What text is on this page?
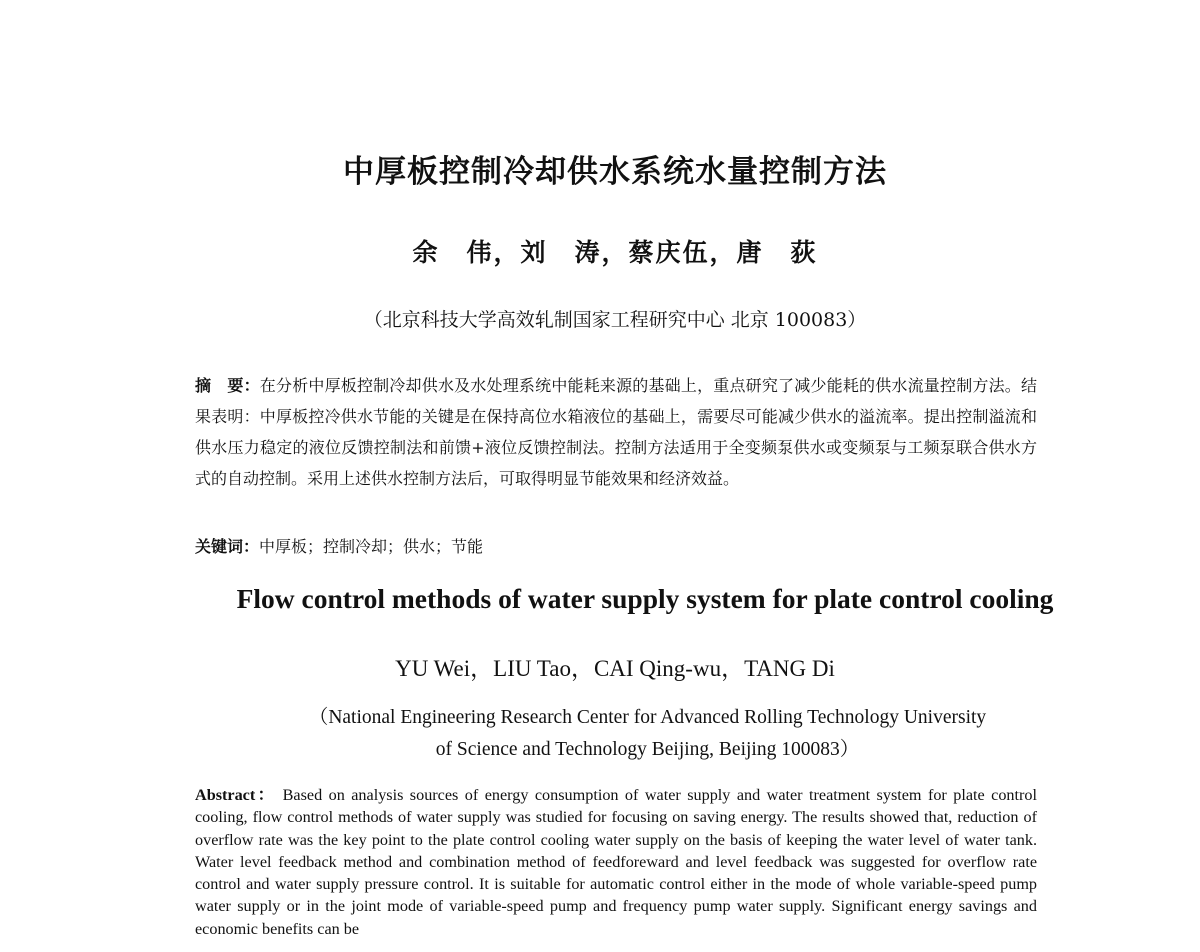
中厚板控制冷却供水系统水量控制方法
余　伟，刘　涛，蔡庆伍，唐　荻
（北京科技大学高效轧制国家工程研究中心 北京 100083）
摘　要：在分析中厚板控制冷却供水及水处理系统中能耗来源的基础上，重点研究了减少能耗的供水流量控制方法。结果表明：中厚板控冷供水节能的关键是在保持高位水箱液位的基础上，需要尽可能减少供水的溢流率。提出控制溢流和供水压力稳定的液位反馈控制法和前馈+液位反馈控制法。控制方法适用于全变频泵供水或变频泵与工频泵联合供水方式的自动控制。采用上述供水控制方法后，可取得明显节能效果和经济效益。
关键词：中厚板；控制冷却；供水；节能
Flow control methods of water supply system for plate control cooling
YU Wei，LIU Tao，CAI Qing-wu，TANG Di
（National Engineering Research Center for Advanced Rolling Technology University
of Science and Technology Beijing, Beijing 100083）
Abstract： Based on analysis sources of energy consumption of water supply and water treatment system for plate control cooling, flow control methods of water supply was studied for focusing on saving energy. The results showed that, reduction of overflow rate was the key point to the plate control cooling water supply on the basis of keeping the water level of water tank. Water level feedback method and combination method of feedforeward and level feedback was suggested for overflow rate control and water supply pressure control. It is suitable for automatic control either in the mode of whole variable-speed pump water supply or in the joint mode of variable-speed pump and frequency pump water supply. Significant energy savings and economic benefits can be
